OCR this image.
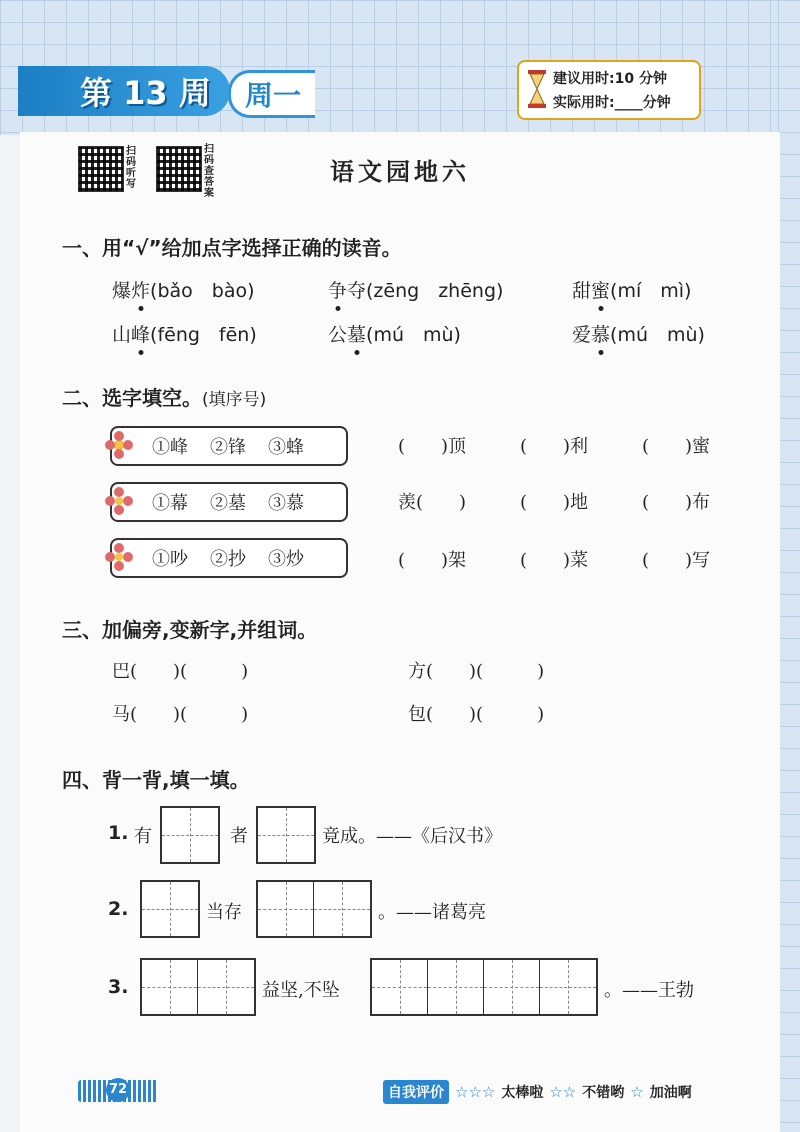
第 13 周	周一	建议用时:10 分钟
实际用时:____分钟
扫码听写
扫码查答案
语文园地六
一、用“√”给加点字选择正确的读音。
爆炸(bǎo　bào)	争夺(zēng　zhēng)	甜蜜(mí　mì)
山峰(fēng　fēn)	公墓(mú　mù)	爱慕(mú　mù)
二、选字填空。(填序号)
①峰 ②锋 ③蜂	(　　)顶	(　　)利	(　　)蜜
①幕 ②墓 ③慕	羡(　　)	(　　)地	(　　)布
①吵 ②抄 ③炒	(　　)架	(　　)菜	(　　)写
三、加偏旁,变新字,并组词。
巴(　　)(　　　)	方(　　)(　　　)
马(　　)(　　　)	包(　　)(　　　)
四、背一背,填一填。
1. 有	者	竟成。——《后汉书》
2.	当存	。——诸葛亮
3.	益坚,不坠	。——王勃
72	自我评价 ☆☆☆ 太棒啦 ☆☆ 不错哟 ☆ 加油啊
